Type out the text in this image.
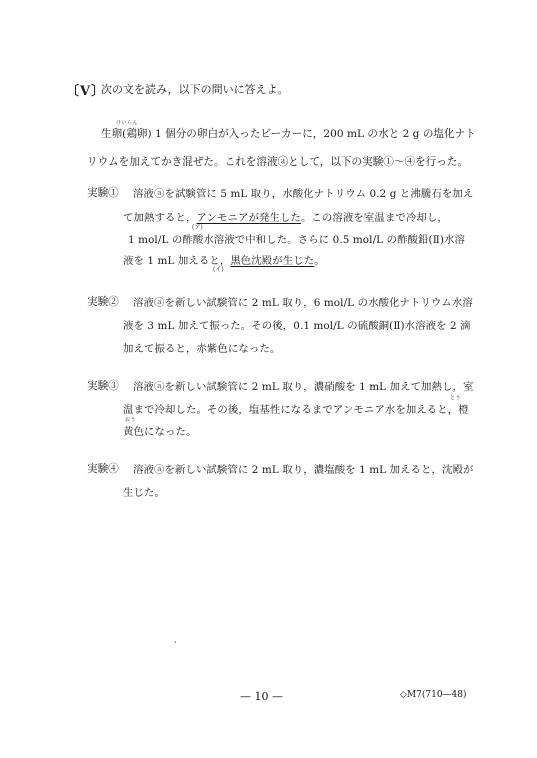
〔Ⅴ〕
次の文を読み，以下の問いに答えよ。
けいらん
生卵(鶏卵) 1 個分の卵白が入ったビーカーに，200 mL の水と 2 g の塩化ナト
リウムを加えてかき混ぜた。これを溶液ⓐとして，以下の実験①～④を行った。
実験① 溶液ⓐを試験管に 5 mL 取り，水酸化ナトリウム 0.2 g と沸騰石を加え
て加熱すると，アンモニアが発生した。この溶液を室温まで冷却し，
(ア)
1 mol/L の酢酸水溶液で中和した。さらに 0.5 mol/L の酢酸鉛(Ⅱ)水溶
液を 1 mL 加えると，黒色沈殿が生じた。
(イ)
実験② 溶液ⓐを新しい試験管に 2 mL 取り，6 mol/L の水酸化ナトリウム水溶
液を 3 mL 加えて振った。その後，0.1 mol/L の硫酸銅(Ⅱ)水溶液を 2 滴
加えて振ると，赤紫色になった。
実験③ 溶液ⓐを新しい試験管に 2 mL 取り，濃硝酸を 1 mL 加えて加熱し，室
とう
温まで冷却した。その後，塩基性になるまでアンモニア水を加えると，橙
おう
黄色になった。
実験④ 溶液ⓐを新しい試験管に 2 mL 取り，濃塩酸を 1 mL 加えると，沈殿が
生じた。
､
— 10 —	◇M7(710—48)
